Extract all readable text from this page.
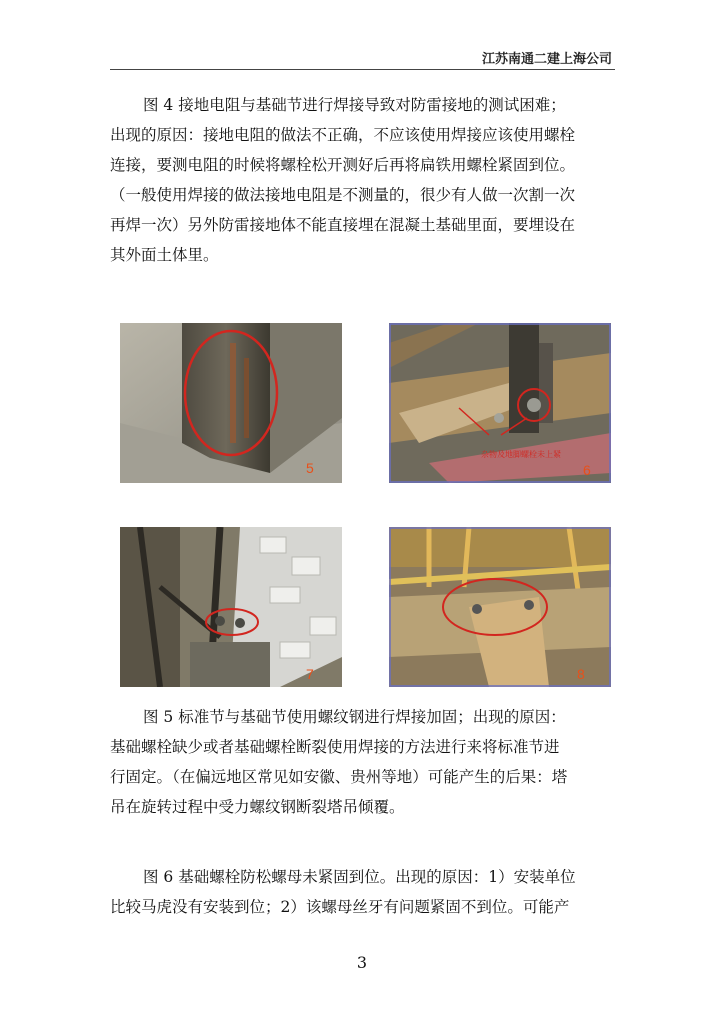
江苏南通二建上海公司
图 4 接地电阻与基础节进行焊接导致对防雷接地的测试困难；
出现的原因：接地电阻的做法不正确，不应该使用焊接应该使用螺栓
连接，要测电阻的时候将螺栓松开测好后再将扁铁用螺栓紧固到位。
（一般使用焊接的做法接地电阻是不测量的，很少有人做一次割一次
再焊一次）另外防雷接地体不能直接埋在混凝土基础里面，要埋设在
其外面土体里。
5
杂物及地脚螺栓未上紧
6
7	8
图 5 标准节与基础节使用螺纹钢进行焊接加固；出现的原因：
基础螺栓缺少或者基础螺栓断裂使用焊接的方法进行来将标准节进
行固定。（在偏远地区常见如安徽、贵州等地）可能产生的后果：塔
吊在旋转过程中受力螺纹钢断裂塔吊倾覆。
图 6 基础螺栓防松螺母未紧固到位。出现的原因：1）安装单位
比较马虎没有安装到位；2）该螺母丝牙有问题紧固不到位。可能产
3
